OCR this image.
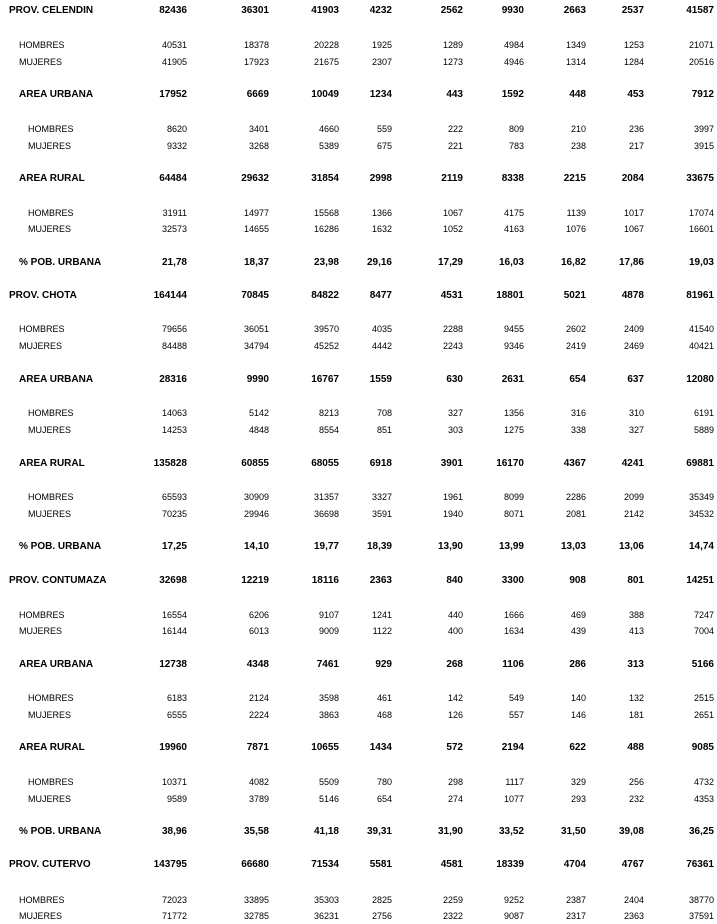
PROV. CELENDIN	82436	36301	41903	4232	2562	9930	2663	2537	41587
HOMBRES	40531	18378	20228	1925	1289	4984	1349	1253	21071
MUJERES	41905	17923	21675	2307	1273	4946	1314	1284	20516
AREA URBANA	17952	6669	10049	1234	443	1592	448	453	7912
HOMBRES	8620	3401	4660	559	222	809	210	236	3997
MUJERES	9332	3268	5389	675	221	783	238	217	3915
AREA RURAL	64484	29632	31854	2998	2119	8338	2215	2084	33675
HOMBRES	31911	14977	15568	1366	1067	4175	1139	1017	17074
MUJERES	32573	14655	16286	1632	1052	4163	1076	1067	16601
% POB. URBANA	21,78	18,37	23,98	29,16	17,29	16,03	16,82	17,86	19,03
PROV. CHOTA	164144	70845	84822	8477	4531	18801	5021	4878	81961
HOMBRES	79656	36051	39570	4035	2288	9455	2602	2409	41540
MUJERES	84488	34794	45252	4442	2243	9346	2419	2469	40421
AREA URBANA	28316	9990	16767	1559	630	2631	654	637	12080
HOMBRES	14063	5142	8213	708	327	1356	316	310	6191
MUJERES	14253	4848	8554	851	303	1275	338	327	5889
AREA RURAL	135828	60855	68055	6918	3901	16170	4367	4241	69881
HOMBRES	65593	30909	31357	3327	1961	8099	2286	2099	35349
MUJERES	70235	29946	36698	3591	1940	8071	2081	2142	34532
% POB. URBANA	17,25	14,10	19,77	18,39	13,90	13,99	13,03	13,06	14,74
PROV. CONTUMAZA	32698	12219	18116	2363	840	3300	908	801	14251
HOMBRES	16554	6206	9107	1241	440	1666	469	388	7247
MUJERES	16144	6013	9009	1122	400	1634	439	413	7004
AREA URBANA	12738	4348	7461	929	268	1106	286	313	5166
HOMBRES	6183	2124	3598	461	142	549	140	132	2515
MUJERES	6555	2224	3863	468	126	557	146	181	2651
AREA RURAL	19960	7871	10655	1434	572	2194	622	488	9085
HOMBRES	10371	4082	5509	780	298	1117	329	256	4732
MUJERES	9589	3789	5146	654	274	1077	293	232	4353
% POB. URBANA	38,96	35,58	41,18	39,31	31,90	33,52	31,50	39,08	36,25
PROV. CUTERVO	143795	66680	71534	5581	4581	18339	4704	4767	76361
HOMBRES	72023	33895	35303	2825	2259	9252	2387	2404	38770
MUJERES	71772	32785	36231	2756	2322	9087	2317	2363	37591
